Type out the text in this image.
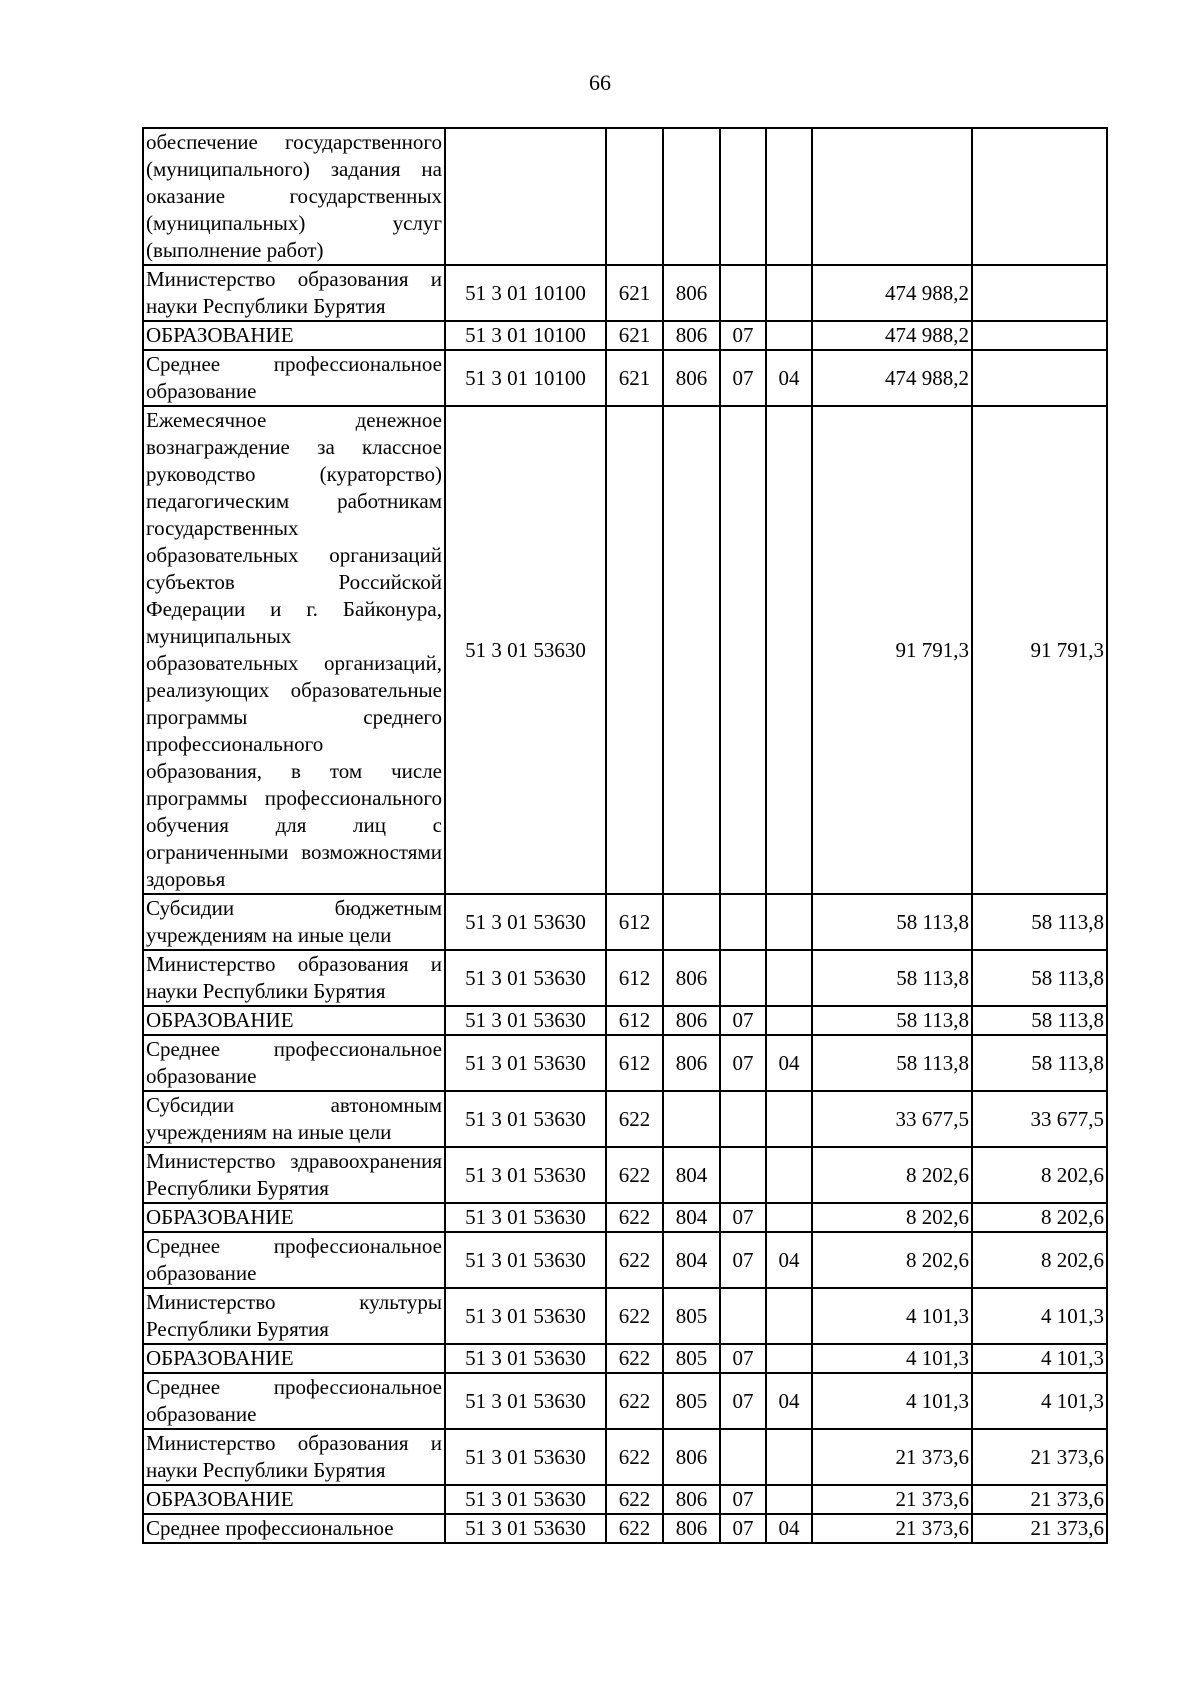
66
обеспечение государственного (муниципального) задания на оказание государственных (муниципальных) услуг (выполнение работ)							
Министерство образования и науки Республики Бурятия	51 3 01 10100	621	806			474 988,2	
ОБРАЗОВАНИЕ	51 3 01 10100	621	806	07		474 988,2	
Среднее профессиональное образование	51 3 01 10100	621	806	07	04	474 988,2	
Ежемесячное денежное вознаграждение за классное руководство (кураторство) педагогическим работникам государственных образовательных организаций субъектов Российской Федерации и г. Байконура, муниципальных образовательных организаций, реализующих образовательные программы среднего профессионального образования, в том числе программы профессионального обучения для лиц с ограниченными возможностями здоровья	51 3 01 53630					91 791,3	91 791,3
Субсидии бюджетным учреждениям на иные цели	51 3 01 53630	612				58 113,8	58 113,8
Министерство образования и науки Республики Бурятия	51 3 01 53630	612	806			58 113,8	58 113,8
ОБРАЗОВАНИЕ	51 3 01 53630	612	806	07		58 113,8	58 113,8
Среднее профессиональное образование	51 3 01 53630	612	806	07	04	58 113,8	58 113,8
Субсидии автономным учреждениям на иные цели	51 3 01 53630	622				33 677,5	33 677,5
Министерство здравоохранения Республики Бурятия	51 3 01 53630	622	804			8 202,6	8 202,6
ОБРАЗОВАНИЕ	51 3 01 53630	622	804	07		8 202,6	8 202,6
Среднее профессиональное образование	51 3 01 53630	622	804	07	04	8 202,6	8 202,6
Министерство культуры Республики Бурятия	51 3 01 53630	622	805			4 101,3	4 101,3
ОБРАЗОВАНИЕ	51 3 01 53630	622	805	07		4 101,3	4 101,3
Среднее профессиональное образование	51 3 01 53630	622	805	07	04	4 101,3	4 101,3
Министерство образования и науки Республики Бурятия	51 3 01 53630	622	806			21 373,6	21 373,6
ОБРАЗОВАНИЕ	51 3 01 53630	622	806	07		21 373,6	21 373,6
Среднее профессиональное	51 3 01 53630	622	806	07	04	21 373,6	21 373,6
